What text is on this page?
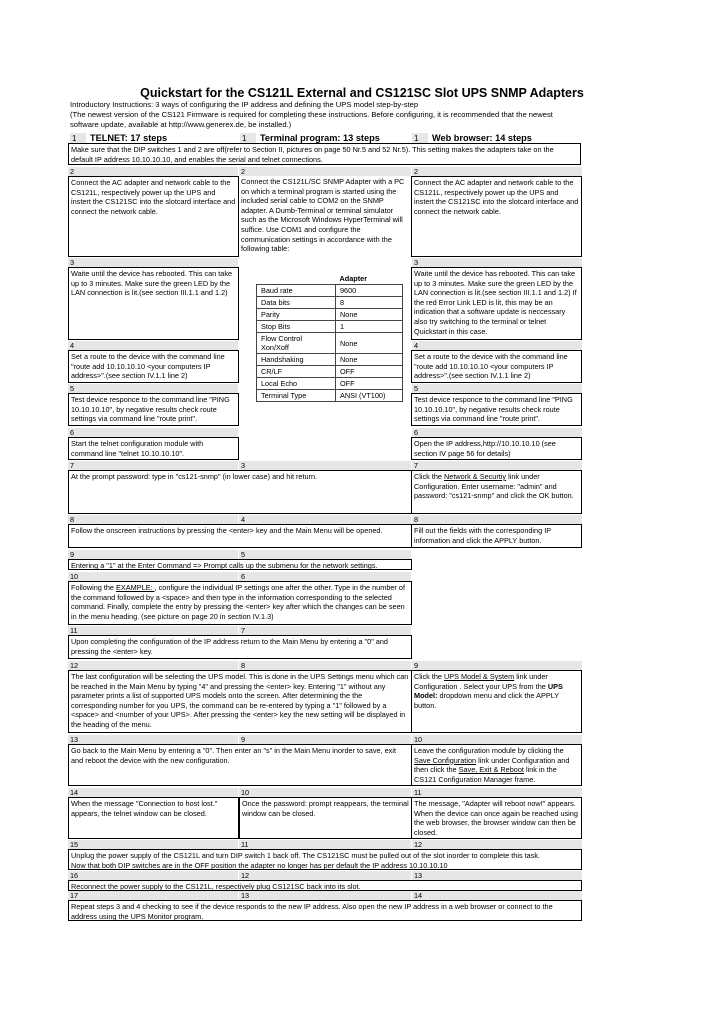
Quickstart for the CS121L External and CS121SC Slot UPS SNMP Adapters
Introductory Instructions: 3 ways of configuring the IP address and defining the UPS model step-by-step
(The newest version of the CS121 Firmware is required for completing these instructions. Before configuring, it is recommended that the newest
software update, available at http://www.generex.de, be installed.)
1 TELNET: 17 steps	1 Terminal program: 13 steps	1 Web browser: 14 steps
Make sure that the DIP switches 1 and 2 are off(refer to Section II, pictures on page 50 Nr.5 and 52 Nr.5). This setting makes the adapters take on the
default IP address 10.10.10.10, and enables the serial and telnet connections.
2	2	2
Connect the AC adapter and network cable to the CS121L, respectively power up the UPS and instert the CS121SC into the slotcard interface and connect the network cable.
Connect the CS121L/SC SNMP Adapter with a PC on which a terminal program is started using the included serial cable to COM2 on the SNMP adapter. A Dumb-Terminal or terminal simulator such as the Microsoft Windows HyperTerminal will suffice. Use COM1 and configure the communication settings in accordance with the following table:
Connect the AC adapter and network cable to the CS121L, respectively power up the UPS and instert the CS121SC into the slotcard interface and connect the network cable.
3	3
Waite until the device has rebooted. This can take up to 3 minutes. Make sure the green LED by the LAN connection is lit.(see section III.1.1 and 1.2)
Waite until the device has rebooted. This can take up to 3 minutes. Make sure the green LED by the LAN connection is lit.(see section III.1.1 and 1.2) If the red Error Link LED is lit, this may be an indication that a software update is neccessary also try switching to the terminal or telnet Quickstart in this case.
	Adapter
Baud rate	9600
Data bits	8
Parity	None
Stop Bits	1
Flow Control Xon/Xoff	None
Handshaking	None
CR/LF	OFF
Local Echo	OFF
Terminal Type	ANSI (VT100)
4	4
Set a route to the device with the command line "route add 10.10.10.10 <your computers IP address>".(see section IV.1.1 line 2)
Set a route to the device with the command line "route add 10.10.10.10 <your computers IP address>".(see section IV.1.1 line 2)
5	5
Test device responce to the command line "PING 10.10.10.10", by negative results check route settings via command line "route print".
Test device responce to the command line "PING 10.10.10.10", by negative results check route settings via command line "route print".
6	6
Start the telnet configuration module with command line "telnet 10.10.10.10".
Open the IP address,http://10.10.10.10 (see section IV page 56 for details)
7	3	7
At the prompt password: type in "cs121-snmp" (in lower case) and hit return.	Click the Network & Securtiy link under Configuration. Enter username: "admin" and password: "cs121-snmp" and click the OK button.
8	4	8
Follow the onscreen instructions by pressing the <enter> key and the Main Menu will be opened.	Fill out the fields with the corresponding IP information and click the APPLY button.
9	5
Entering a "1" at the Enter Command => Prompt calls up the submenu for the network settings.
10	6
Following the EXAMPLE: , configure the individual IP settings one after the other. Type in the number of the command followed by a <space> and then type in the information corresponding to the selected command. Finally, complete the entry by pressing the <enter> key after which the changes can be seen in the menu heading. (see picture on page 20 in section IV.1.3)
11	7
Upon completing the configuration of the IP address return to the Main Menu by entering a "0" and pressing the <enter> key.
12	8	9
The last configuration will be selecting the UPS model. This is done in the UPS Settings menu which can be reached in the Main Menu by typing "4" and pressing the <enter> key. Entering "1" without any parameter prints a list of supported UPS models onto the screen. After determining the the corresponding number for you UPS, the command can be re-entered by typing a "1" followed by a <space> and <number of your UPS>. After pressing the <enter> key the new setting will be displayed in the heading of the menu.
Click the UPS Model & System link under Configuration . Select your UPS from the UPS Model: dropdown menu and click the APPLY button.
13	9	10
Go back to the Main Menu by entering a "0". Then enter an "s" in the Main Menu inorder to save, exit and reboot the device with the new configuration.
Leave the configuration module by clicking the Save Configuration link under Configuration and then click the Save, Exit & Reboot link in the CS121 Configuration Manager frame.
14	10	11
When the message "Connection to host lost." appears, the telnet window can be closed.
Once the password: prompt reappears, the terminal window can be closed.
The message, "Adapter will reboot now!" appears. When the device can once again be reached using the web browser, the browser window can then be closed.
15	11	12
Unplug the power supply of the CS121L and turn DIP switch 1 back off. The CS121SC must be pulled out of the slot inorder to complete this task.
Now that both DIP switches are in the OFF position the adapter no longer has per default the IP address 10.10.10.10
16	12	13
Reconnect the power supply to the CS121L, respectively plug CS121SC back into its slot.
17	13	14
Repeat steps 3 and 4 checking to see if the device responds to the new IP address. Also open the new IP address in a web browser or connect to the
address using the UPS Monitor program.
